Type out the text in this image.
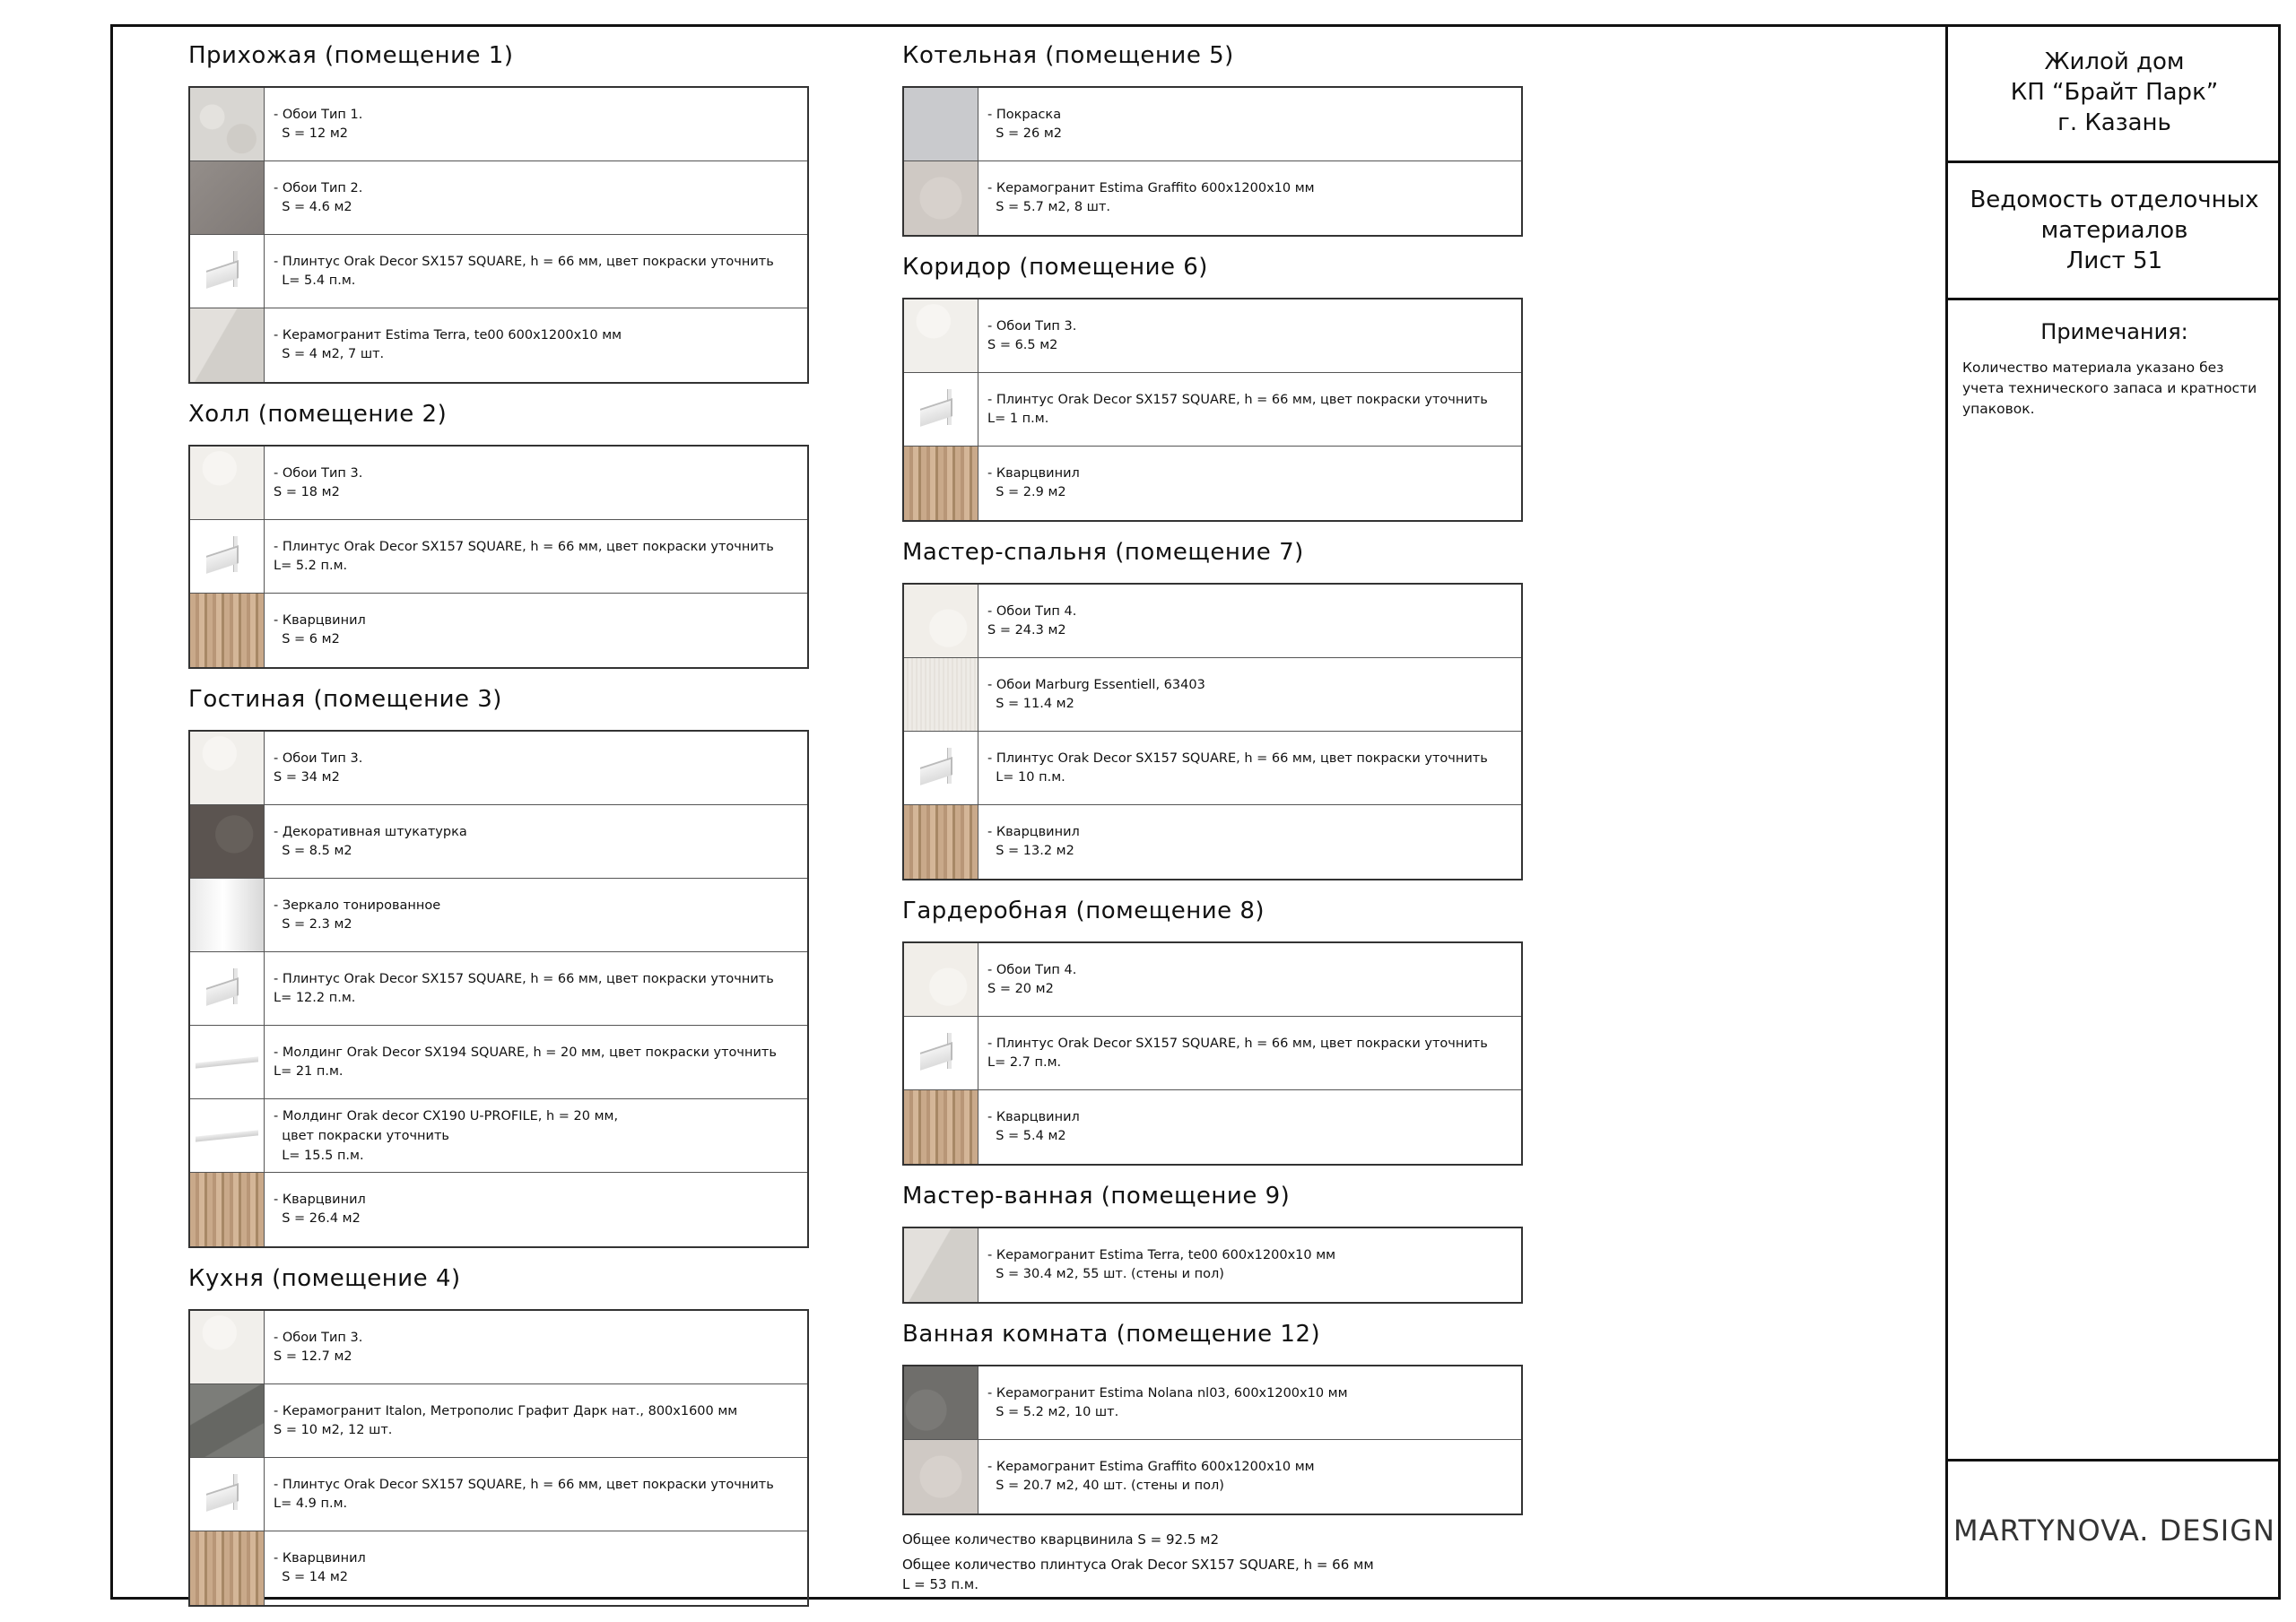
Прихожая (помещение 1)
- Обои Тип 1.
S = 12 м2
- Обои Тип 2.
S = 4.6 м2
- Плинтус Orak Decor SX157 SQUARE, h = 66 мм, цвет покраски уточнить
L= 5.4 п.м.
- Керамогранит Estima Terra, te00 600x1200x10 мм
S = 4 м2, 7 шт.
Холл (помещение 2)
- Обои Тип 3.
S = 18 м2
- Плинтус Orak Decor SX157 SQUARE, h = 66 мм, цвет покраски уточнить
L= 5.2 п.м.
- Кварцвинил
S = 6 м2
Гостиная (помещение 3)
- Обои Тип 3.
S = 34 м2
- Декоративная штукатурка
S = 8.5 м2
- Зеркало тонированное
S = 2.3 м2
- Плинтус Orak Decor SX157 SQUARE, h = 66 мм, цвет покраски уточнить
L= 12.2 п.м.
- Молдинг Orak Decor SX194 SQUARE, h = 20 мм, цвет покраски уточнить
L= 21 п.м.
- Молдинг Orak decor CX190 U-PROFILE, h = 20 мм,
цвет покраски уточнить
L= 15.5 п.м.
- Кварцвинил
S = 26.4 м2
Кухня (помещение 4)
- Обои Тип 3.
S = 12.7 м2
- Керамогранит Italon, Метрополис Графит Дарк нат., 800x1600 мм
S = 10 м2, 12 шт.
- Плинтус Orak Decor SX157 SQUARE, h = 66 мм, цвет покраски уточнить
L= 4.9 п.м.
- Кварцвинил
S = 14 м2
Котельная (помещение 5)
- Покраска
S = 26 м2
- Керамогранит Estima Graffito 600x1200x10 мм
S = 5.7 м2, 8 шт.
Коридор (помещение 6)
- Обои Тип 3.
S = 6.5 м2
- Плинтус Orak Decor SX157 SQUARE, h = 66 мм, цвет покраски уточнить
L= 1 п.м.
- Кварцвинил
S = 2.9 м2
Мастер-спальня (помещение 7)
- Обои Тип 4.
S = 24.3 м2
- Обои Marburg Essentiell, 63403
S = 11.4 м2
- Плинтус Orak Decor SX157 SQUARE, h = 66 мм, цвет покраски уточнить
L= 10 п.м.
- Кварцвинил
S = 13.2 м2
Гардеробная (помещение 8)
- Обои Тип 4.
S = 20 м2
- Плинтус Orak Decor SX157 SQUARE, h = 66 мм, цвет покраски уточнить
L= 2.7 п.м.
- Кварцвинил
S = 5.4 м2
Мастер-ванная (помещение 9)
- Керамогранит Estima Terra, te00 600x1200x10 мм
S = 30.4 м2, 55 шт. (стены и пол)
Ванная комната (помещение 12)
- Керамогранит Estima Nolana nl03, 600x1200x10 мм
S = 5.2 м2, 10 шт.
- Керамогранит Estima Graffito 600x1200x10 мм
S = 20.7 м2, 40 шт. (стены и пол)
Общее количество кварцвинила S = 92.5 м2
Общее количество плинтуса Orak Decor SX157 SQUARE, h = 66 мм
L = 53 п.м.
Жилой дом
КП “Брайт Парк”
г. Казань
Ведомость отделочных
материалов
Лист 51
Примечания:
Количество материала указано без учета технического запаса и кратности упаковок.
MARTYNOVA. DESIGN
